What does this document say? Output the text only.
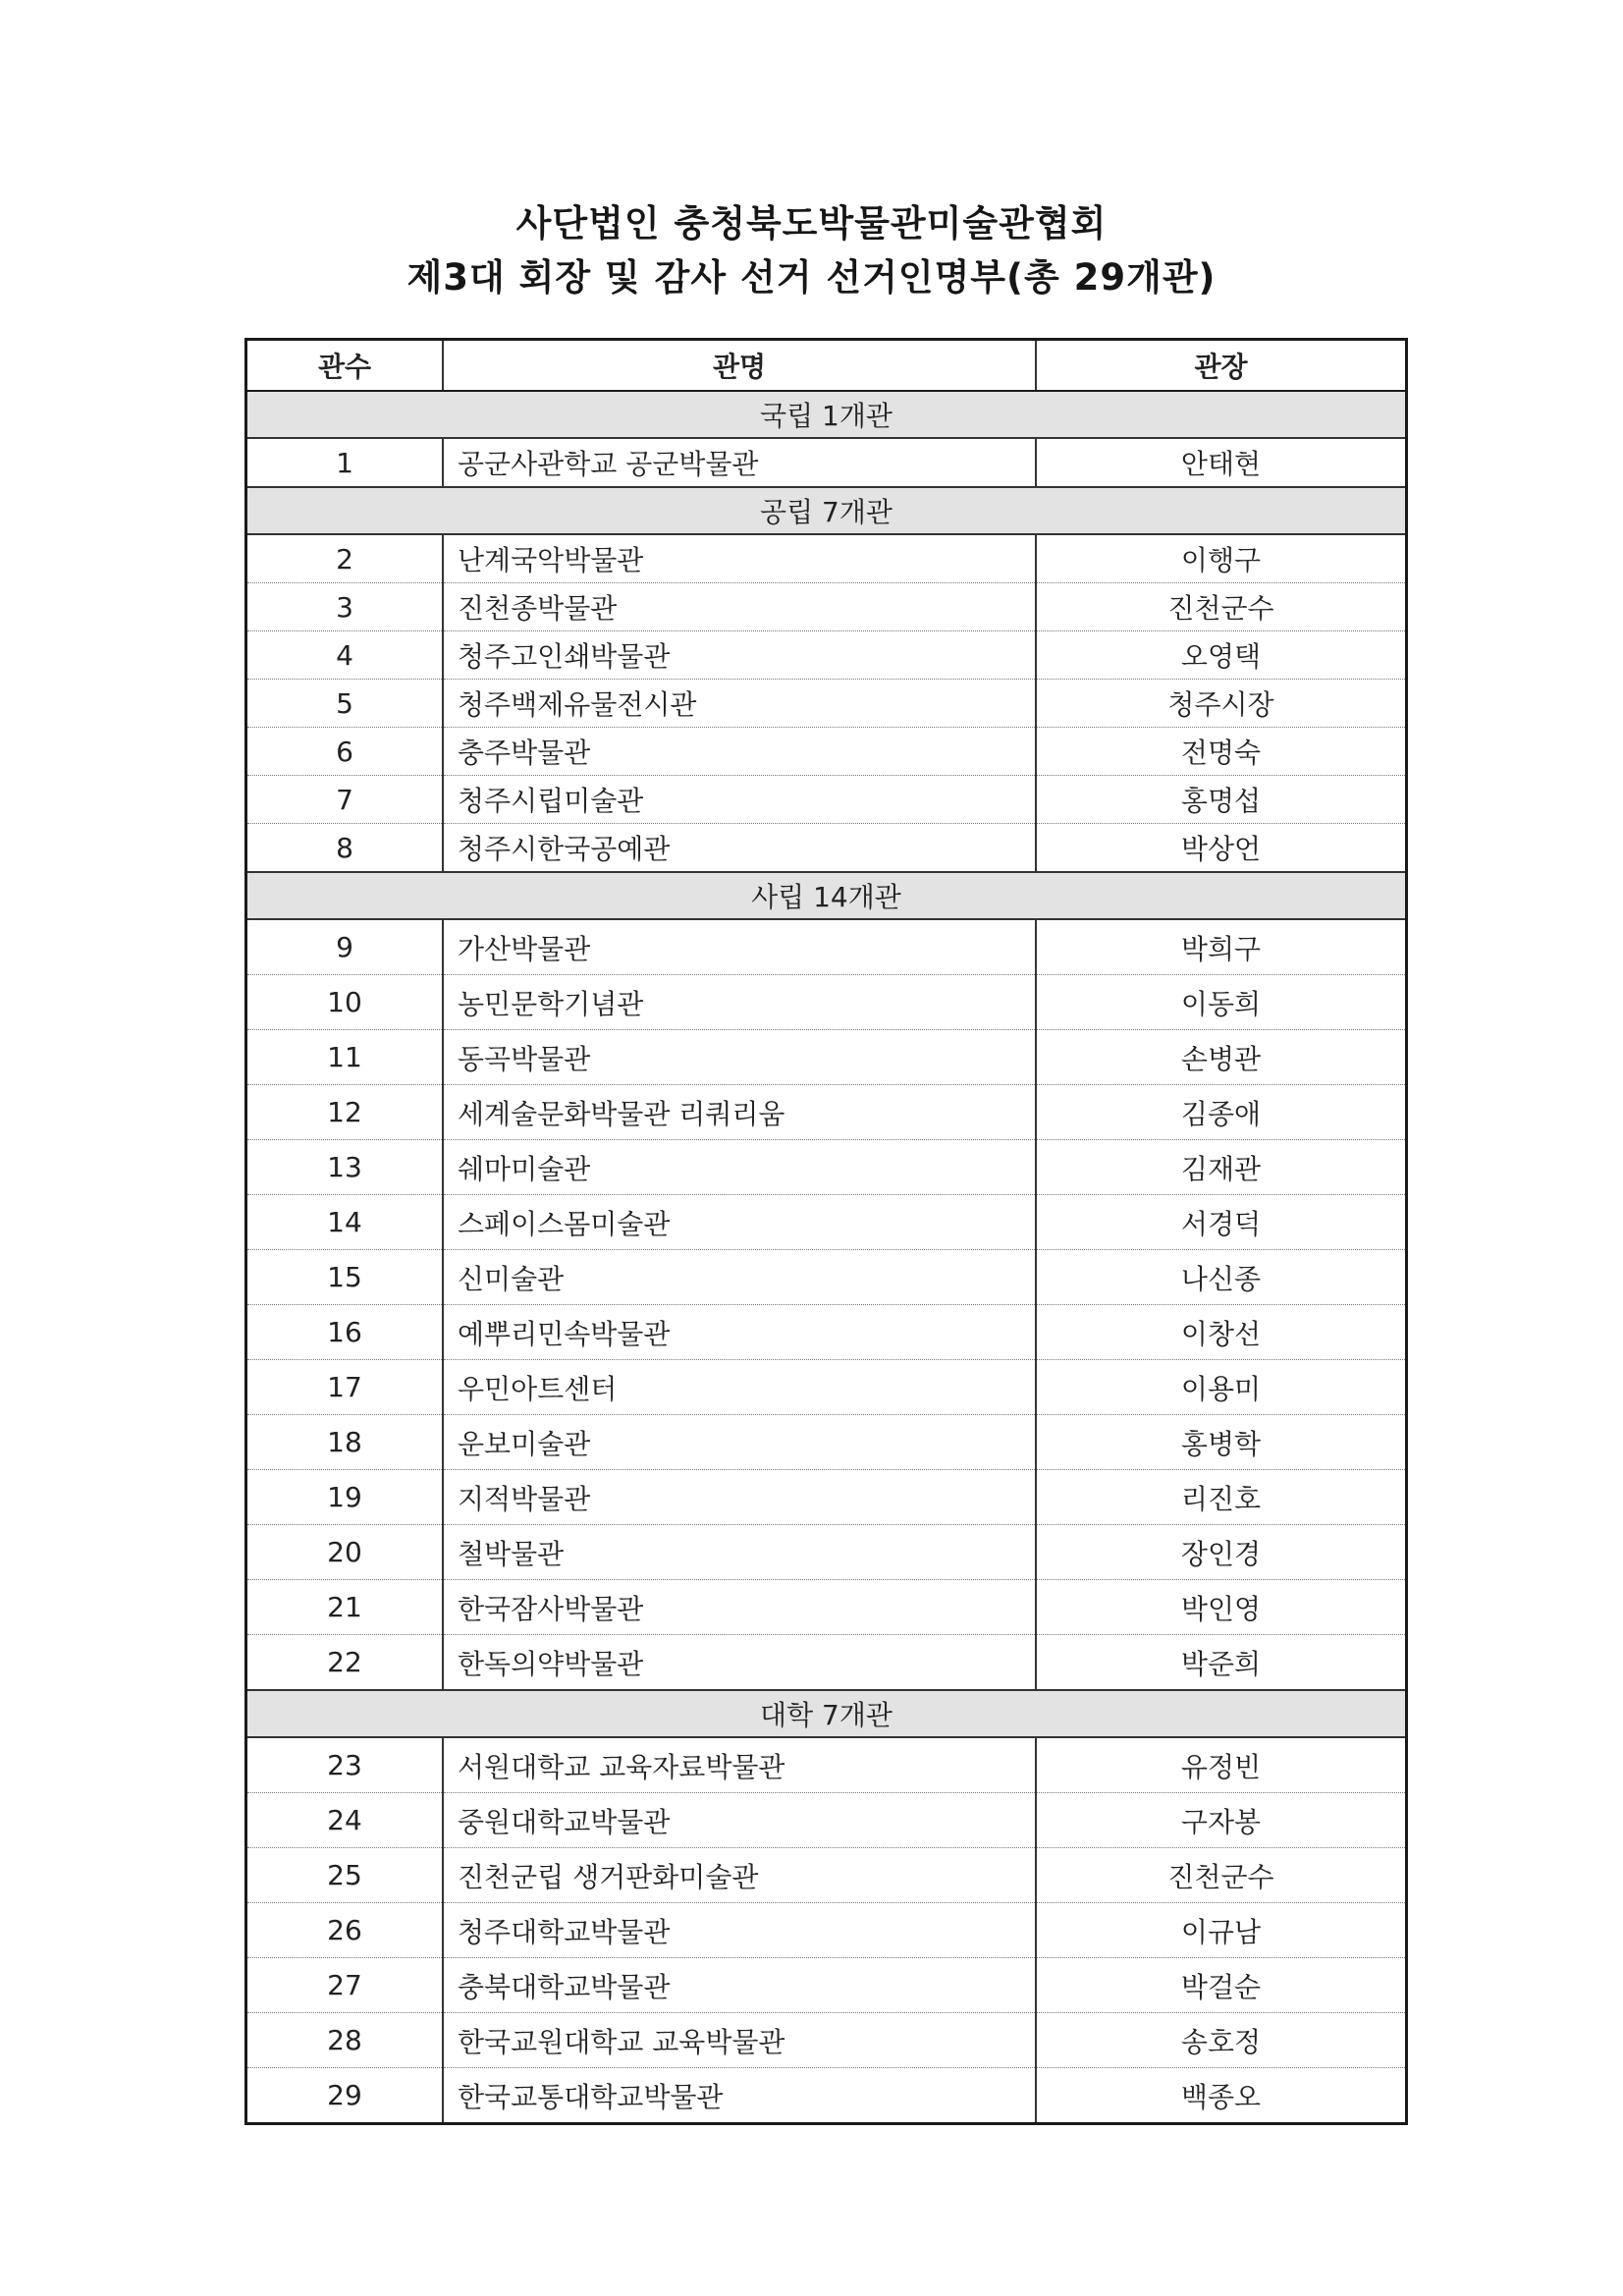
사단법인 충청북도박물관미술관협회
제3대 회장 및 감사 선거 선거인명부(총 29개관)
관수	관명	관장
국립 1개관		
1	공군사관학교 공군박물관	안태현
공립 7개관		
2	난계국악박물관	이행구
3	진천종박물관	진천군수
4	청주고인쇄박물관	오영택
5	청주백제유물전시관	청주시장
6	충주박물관	전명숙
7	청주시립미술관	홍명섭
8	청주시한국공예관	박상언
사립 14개관		
9	가산박물관	박희구
10	농민문학기념관	이동희
11	동곡박물관	손병관
12	세계술문화박물관 리쿼리움	김종애
13	쉐마미술관	김재관
14	스페이스몸미술관	서경덕
15	신미술관	나신종
16	예뿌리민속박물관	이창선
17	우민아트센터	이용미
18	운보미술관	홍병학
19	지적박물관	리진호
20	철박물관	장인경
21	한국잠사박물관	박인영
22	한독의약박물관	박준희
대학 7개관		
23	서원대학교 교육자료박물관	유정빈
24	중원대학교박물관	구자봉
25	진천군립 생거판화미술관	진천군수
26	청주대학교박물관	이규남
27	충북대학교박물관	박걸순
28	한국교원대학교 교육박물관	송호정
29	한국교통대학교박물관	백종오
